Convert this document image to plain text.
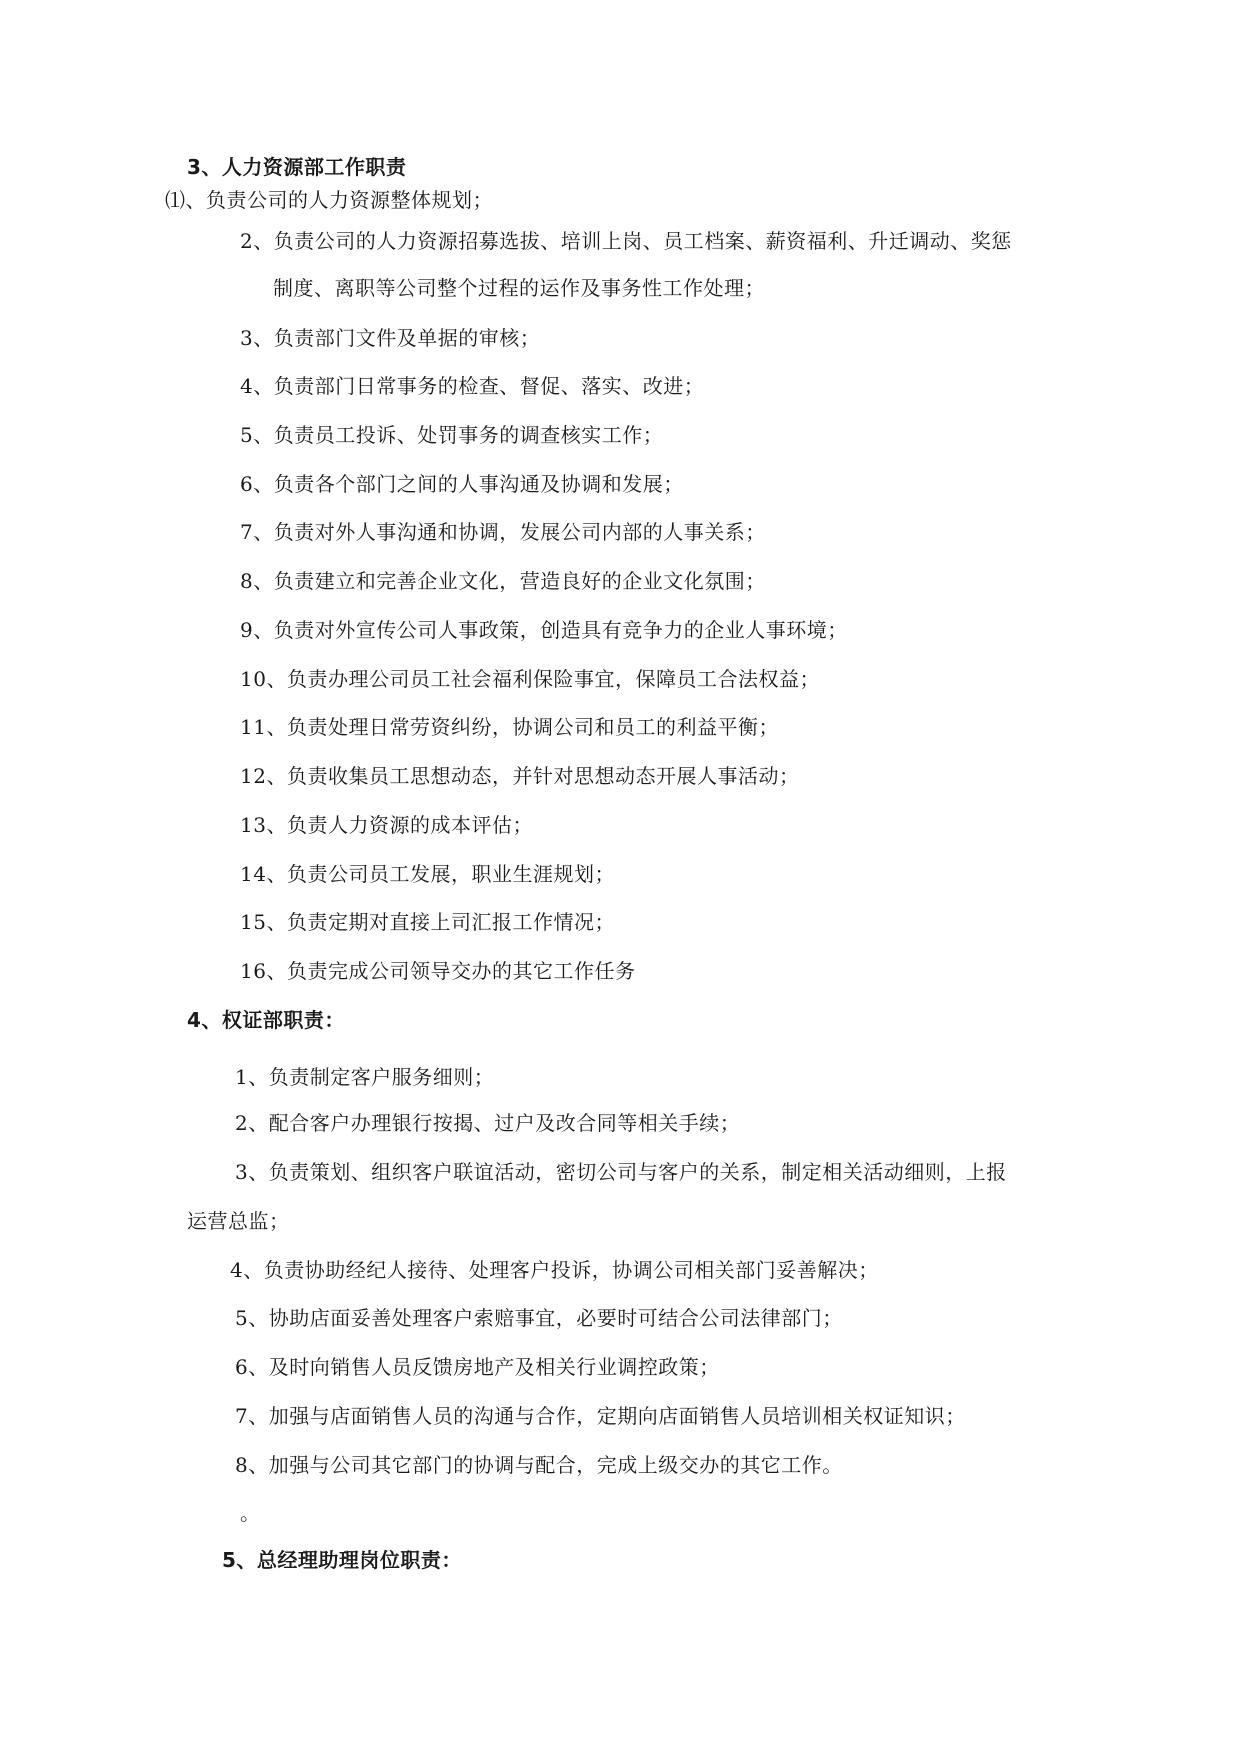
3、人力资源部工作职责
⑴、负责公司的人力资源整体规划；
2、负责公司的人力资源招募选拔、培训上岗、员工档案、薪资福利、升迁调动、奖惩
制度、离职等公司整个过程的运作及事务性工作处理；
3、负责部门文件及单据的审核；
4、负责部门日常事务的检查、督促、落实、改进；
5、负责员工投诉、处罚事务的调查核实工作；
6、负责各个部门之间的人事沟通及协调和发展；
7、负责对外人事沟通和协调，发展公司内部的人事关系；
8、负责建立和完善企业文化，营造良好的企业文化氛围；
9、负责对外宣传公司人事政策，创造具有竞争力的企业人事环境；
10、负责办理公司员工社会福利保险事宜，保障员工合法权益；
11、负责处理日常劳资纠纷，协调公司和员工的利益平衡；
12、负责收集员工思想动态，并针对思想动态开展人事活动；
13、负责人力资源的成本评估；
14、负责公司员工发展，职业生涯规划；
15、负责定期对直接上司汇报工作情况；
16、负责完成公司领导交办的其它工作任务
4、权证部职责：
1、负责制定客户服务细则；
2、配合客户办理银行按揭、过户及改合同等相关手续；
3、负责策划、组织客户联谊活动，密切公司与客户的关系，制定相关活动细则，上报
运营总监；
4、负责协助经纪人接待、处理客户投诉，协调公司相关部门妥善解决；
5、协助店面妥善处理客户索赔事宜，必要时可结合公司法律部门；
6、及时向销售人员反馈房地产及相关行业调控政策；
7、加强与店面销售人员的沟通与合作，定期向店面销售人员培训相关权证知识；
8、加强与公司其它部门的协调与配合，完成上级交办的其它工作。
。
5、总经理助理岗位职责：
